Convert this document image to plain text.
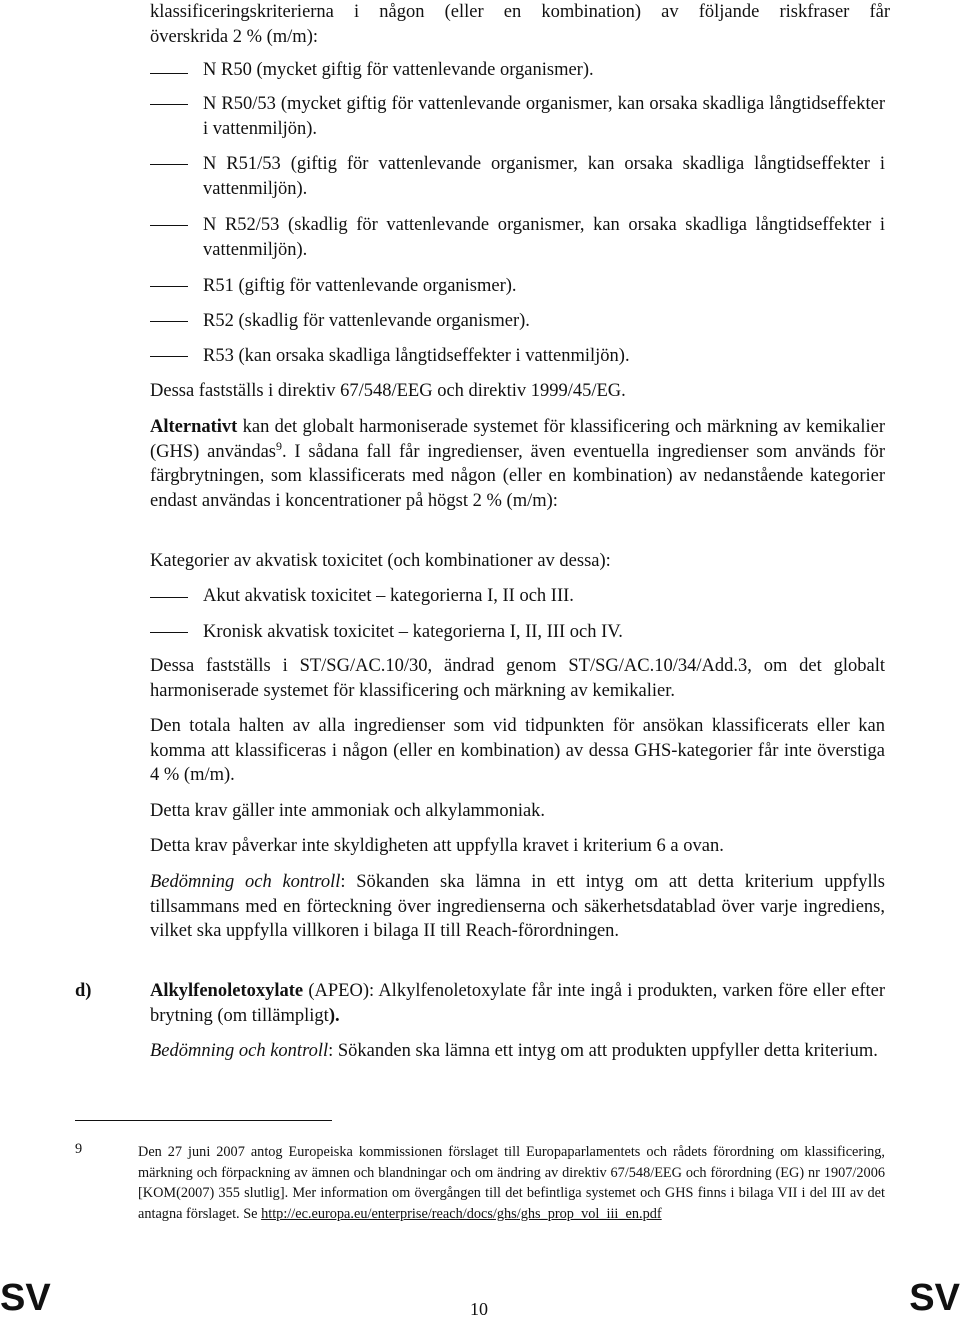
klassificeringskriterierna i någon (eller en kombination) av följande riskfraser får
överskrida 2 % (m/m):
N R50 (mycket giftig för vattenlevande organismer).
N R50/53 (mycket giftig för vattenlevande organismer, kan orsaka skadliga långtidseffekter i vattenmiljön).
N R51/53 (giftig för vattenlevande organismer, kan orsaka skadliga långtidseffekter i vattenmiljön).
N R52/53 (skadlig för vattenlevande organismer, kan orsaka skadliga långtidseffekter i vattenmiljön).
R51 (giftig för vattenlevande organismer).
R52 (skadlig för vattenlevande organismer).
R53 (kan orsaka skadliga långtidseffekter i vattenmiljön).
Dessa fastställs i direktiv 67/548/EEG och direktiv 1999/45/EG.
Alternativt kan det globalt harmoniserade systemet för klassificering och märkning av kemikalier (GHS) användas$^9$. I sådana fall får ingredienser, även eventuella ingredienser som används för färgbrytningen, som klassificerats med någon (eller en kombination) av nedanstående kategorier endast användas i koncentrationer på högst 2 % (m/m):
Kategorier av akvatisk toxicitet (och kombinationer av dessa):
Akut akvatisk toxicitet – kategorierna I, II och III.
Kronisk akvatisk toxicitet – kategorierna I, II, III och IV.
Dessa fastställs i ST/SG/AC.10/30, ändrad genom ST/SG/AC.10/34/Add.3, om det globalt harmoniserade systemet för klassificering och märkning av kemikalier.
Den totala halten av alla ingredienser som vid tidpunkten för ansökan klassificerats eller kan komma att klassificeras i någon (eller en kombination) av dessa GHS-kategorier får inte överstiga 4 % (m/m).
Detta krav gäller inte ammoniak och alkylammoniak.
Detta krav påverkar inte skyldigheten att uppfylla kravet i kriterium 6 a ovan.
Bedömning och kontroll: Sökanden ska lämna in ett intyg om att detta kriterium uppfylls tillsammans med en förteckning över ingredienserna och säkerhetsdatablad över varje ingrediens, vilket ska uppfylla villkoren i bilaga II till Reach-förordningen.
d)	Alkylfenoletoxylate (APEO): Alkylfenoletoxylate får inte ingå i produkten, varken före eller efter brytning (om tillämpligt).
Bedömning och kontroll: Sökanden ska lämna ett intyg om att produkten uppfyller detta kriterium.
9	Den 27 juni 2007 antog Europeiska kommissionen förslaget till Europaparlamentets och rådets förordning om klassificering, märkning och förpackning av ämnen och blandningar och om ändring av direktiv 67/548/EEG och förordning (EG) nr 1907/2006 [KOM(2007) 355 slutlig]. Mer information om övergången till det befintliga systemet och GHS finns i bilaga VII i del III av det antagna förslaget. Se http://ec.europa.eu/enterprise/reach/docs/ghs/ghs_prop_vol_iii_en.pdf
SV	10	SV
